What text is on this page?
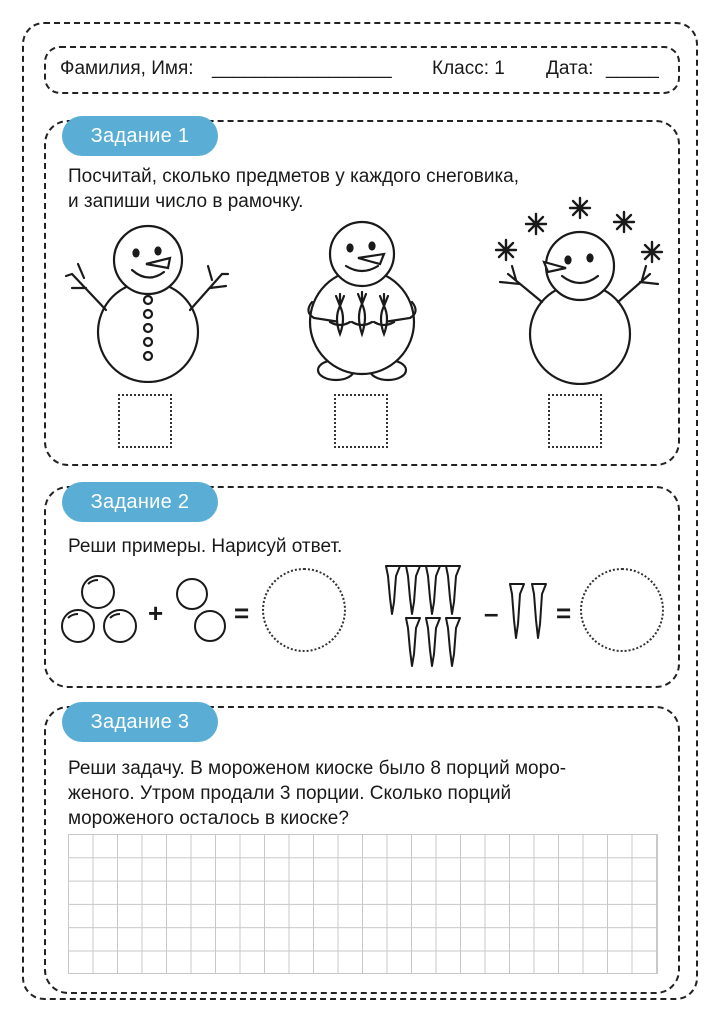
Фамилия, Имя: _________________ Класс: 1 Дата: _____
Задание 1
Посчитай, сколько предметов у каждого снеговика,
и запиши число в рамочку.
Задание 2
Реши примеры. Нарисуй ответ.
+	=	– =
Задание 3
Реши задачу. В мороженом киоске было 8 порций моро-
женого. Утром продали 3 порции. Сколько порций
мороженого осталось в киоске?
